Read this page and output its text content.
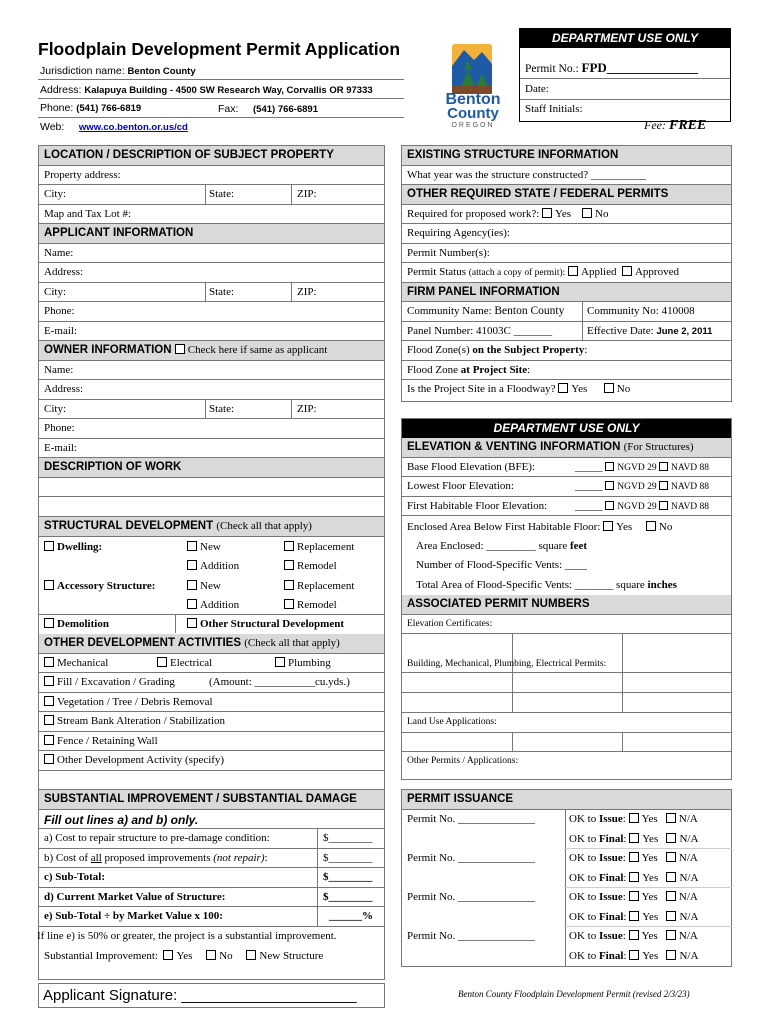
Floodplain Development Permit Application
Jurisdiction name: Benton County
Address: Kalapuya Building - 4500 SW Research Way, Corvallis OR 97333
Phone: (541) 766-6819	Fax: (541) 766-6891
Web: www.co.benton.or.us/cd
Benton
County
OREGON
DEPARTMENT USE ONLY
Permit No.: FPD______________
Date:
Staff Initials:
Fee: FREE
LOCATION / DESCRIPTION OF SUBJECT PROPERTY
Property address:
City:	State:	ZIP:
Map and Tax Lot #:
APPLICANT INFORMATION
Name:
Address:
City:	State:	ZIP:
Phone:
E-mail:
OWNER INFORMATION Check here if same as applicant
Name:
Address:
City:	State:	ZIP:
Phone:
E-mail:
DESCRIPTION OF WORK
STRUCTURAL DEVELOPMENT (Check all that apply)
Dwelling:	New	Replacement
Addition	Remodel
Accessory Structure:	New	Replacement
Addition	Remodel
Demolition	Other Structural Development
OTHER DEVELOPMENT ACTIVITIES (Check all that apply)
Mechanical	Electrical	Plumbing
Fill / Excavation / Grading	(Amount: ___________cu.yds.)
Vegetation / Tree / Debris Removal
Stream Bank Alteration / Stabilization
Fence / Retaining Wall
Other Development Activity (specify)
SUBSTANTIAL IMPROVEMENT / SUBSTANTIAL DAMAGE
Fill out lines a) and b) only.
a) Cost to repair structure to pre-damage condition:	$________
b) Cost of all proposed improvements (not repair):	$________
c) Sub-Total:	$________
d) Current Market Value of Structure:	$________
e) Sub-Total ÷ by Market Value x 100:	______%
If line e) is 50% or greater, the project is a substantial improvement.
Substantial Improvement: Yes No New Structure
Applicant Signature: _____________________
EXISTING STRUCTURE INFORMATION
What year was the structure constructed? __________
OTHER REQUIRED STATE / FEDERAL PERMITS
Required for proposed work?: Yes No
Requiring Agency(ies):
Permit Number(s):
Permit Status (attach a copy of permit): Applied Approved
FIRM PANEL INFORMATION
Community Name: Benton County Community No: 410008
Panel Number: 41003C _______	Effective Date: June 2, 2011
Flood Zone(s) on the Subject Property:
Flood Zone at Project Site:
Is the Project Site in a Floodway? Yes	No
DEPARTMENT USE ONLY
ELEVATION & VENTING INFORMATION (For Structures)
Base Flood Elevation (BFE):	_____ NGVD 29 NAVD 88
Lowest Floor Elevation:	_____ NGVD 29 NAVD 88
First Habitable Floor Elevation:	_____ NGVD 29 NAVD 88
Enclosed Area Below First Habitable Floor: Yes No
Area Enclosed: _________ square feet
Number of Flood-Specific Vents: ____
Total Area of Flood-Specific Vents: _______ square inches
ASSOCIATED PERMIT NUMBERS
Elevation Certificates:
Building, Mechanical, Plumbing, Electrical Permits:
Land Use Applications:
Other Permits / Applications:
PERMIT ISSUANCE
Permit No. ______________	OK to Issue: Yes N/A
OK to Final: Yes N/A
Permit No. ______________	OK to Issue: Yes N/A
OK to Final: Yes N/A
Permit No. ______________	OK to Issue: Yes N/A
OK to Final: Yes N/A
Permit No. ______________	OK to Issue: Yes N/A
OK to Final: Yes N/A
Benton County Floodplain Development Permit (revised 2/3/23)
